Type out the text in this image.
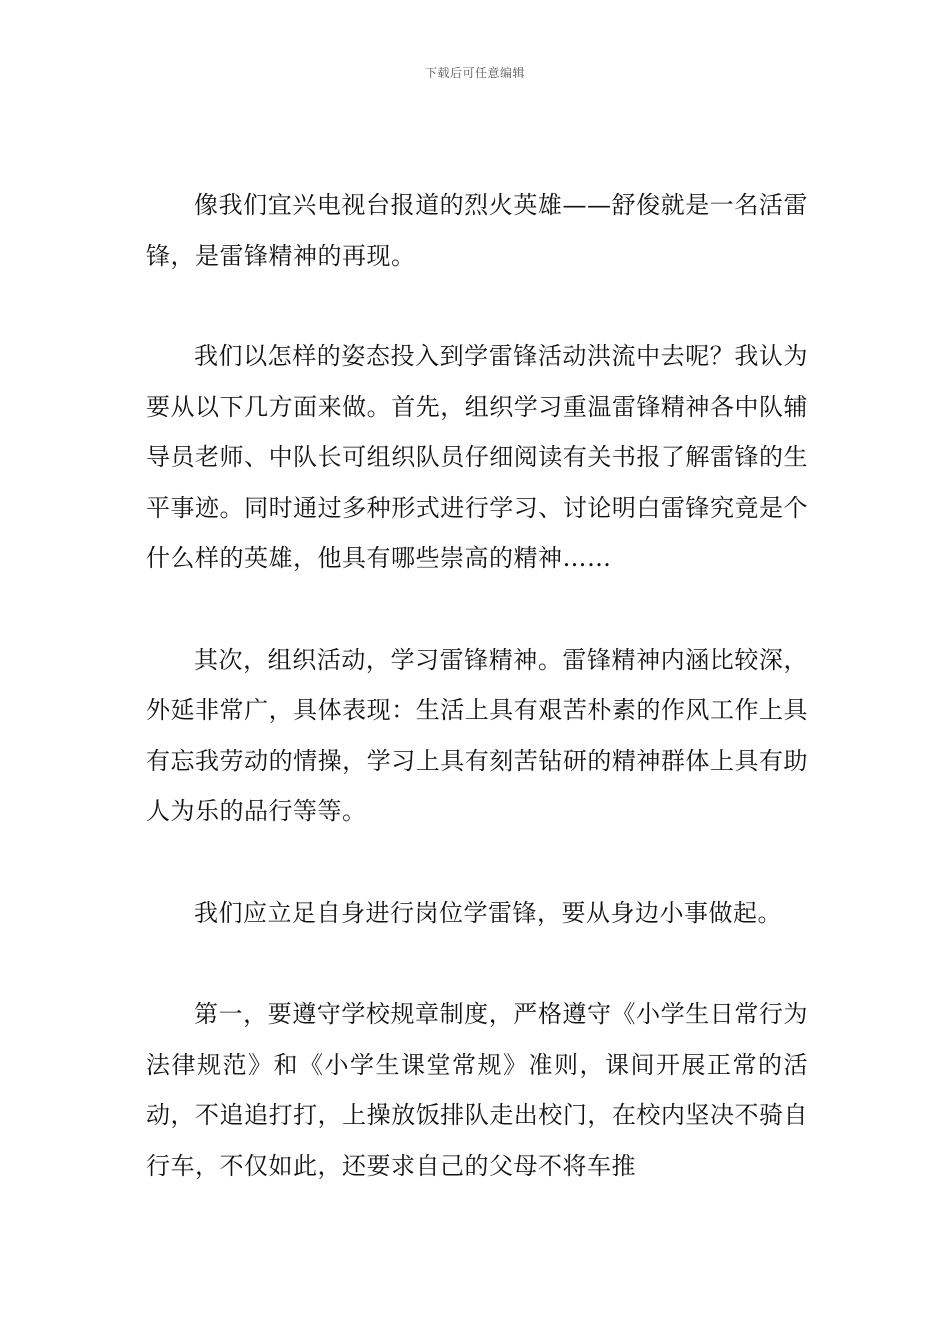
下载后可任意编辑

像我们宜兴电视台报道的烈火英雄——舒俊就是一名活雷锋，是雷锋精神的再现。

我们以怎样的姿态投入到学雷锋活动洪流中去呢？我认为要从以下几方面来做。首先，组织学习重温雷锋精神各中队辅导员老师、中队长可组织队员仔细阅读有关书报了解雷锋的生平事迹。同时通过多种形式进行学习、讨论明白雷锋究竟是个什么样的英雄，他具有哪些崇高的精神……

其次，组织活动，学习雷锋精神。雷锋精神内涵比较深，外延非常广，具体表现：生活上具有艰苦朴素的作风工作上具有忘我劳动的情操，学习上具有刻苦钻研的精神群体上具有助人为乐的品行等等。

我们应立足自身进行岗位学雷锋，要从身边小事做起。

第一，要遵守学校规章制度，严格遵守《小学生日常行为法律规范》和《小学生课堂常规》准则，课间开展正常的活动，不追追打打，上操放饭排队走出校门，在校内坚决不骑自行车，不仅如此，还要求自己的父母不将车推
